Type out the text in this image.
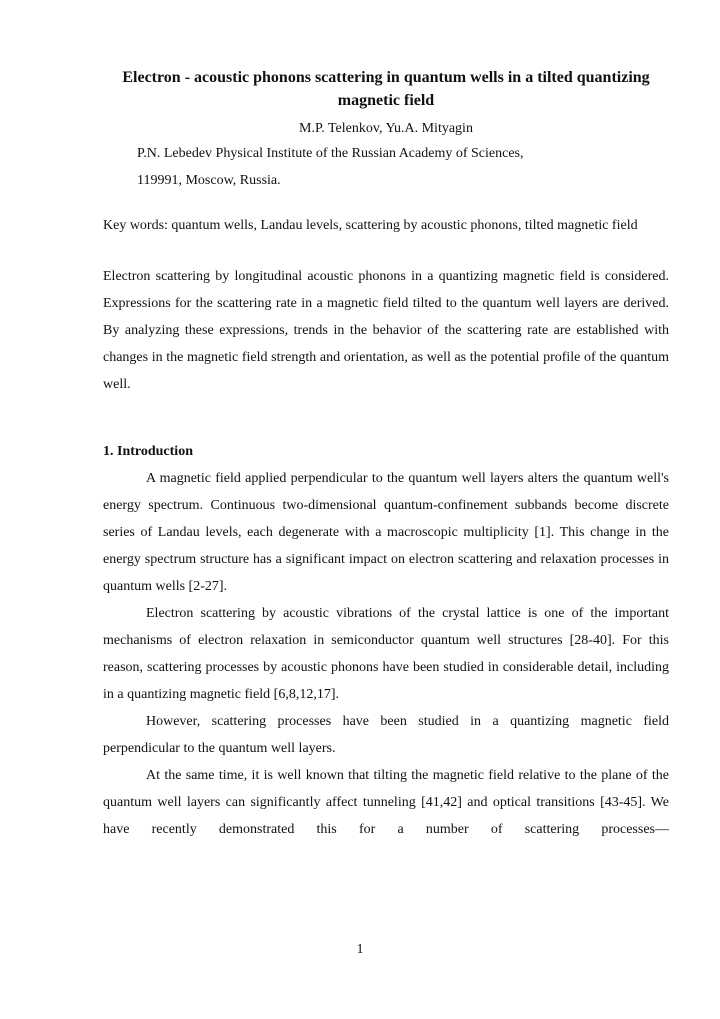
Electron - acoustic phonons scattering in quantum wells in a tilted quantizing magnetic field

M.P. Telenkov, Yu.A. Mityagin

P.N. Lebedev Physical Institute of the Russian Academy of Sciences,

119991, Moscow, Russia.

Key words: quantum wells, Landau levels, scattering by acoustic phonons, tilted magnetic field

Electron scattering by longitudinal acoustic phonons in a quantizing magnetic field is considered. Expressions for the scattering rate in a magnetic field tilted to the quantum well layers are derived. By analyzing these expressions, trends in the behavior of the scattering rate are established with changes in the magnetic field strength and orientation, as well as the potential profile of the quantum well.

1. Introduction

A magnetic field applied perpendicular to the quantum well layers alters the quantum well's energy spectrum. Continuous two-dimensional quantum-confinement subbands become discrete series of Landau levels, each degenerate with a macroscopic multiplicity [1]. This change in the energy spectrum structure has a significant impact on electron scattering and relaxation processes in quantum wells [2-27].

Electron scattering by acoustic vibrations of the crystal lattice is one of the important mechanisms of electron relaxation in semiconductor quantum well structures [28-40]. For this reason, scattering processes by acoustic phonons have been studied in considerable detail, including in a quantizing magnetic field [6,8,12,17].

However, scattering processes have been studied in a quantizing magnetic field perpendicular to the quantum well layers.

At the same time, it is well known that tilting the magnetic field relative to the plane of the quantum well layers can significantly affect tunneling [41,42] and optical transitions [43-45]. We have recently demonstrated this for a number of scattering processes—

1
